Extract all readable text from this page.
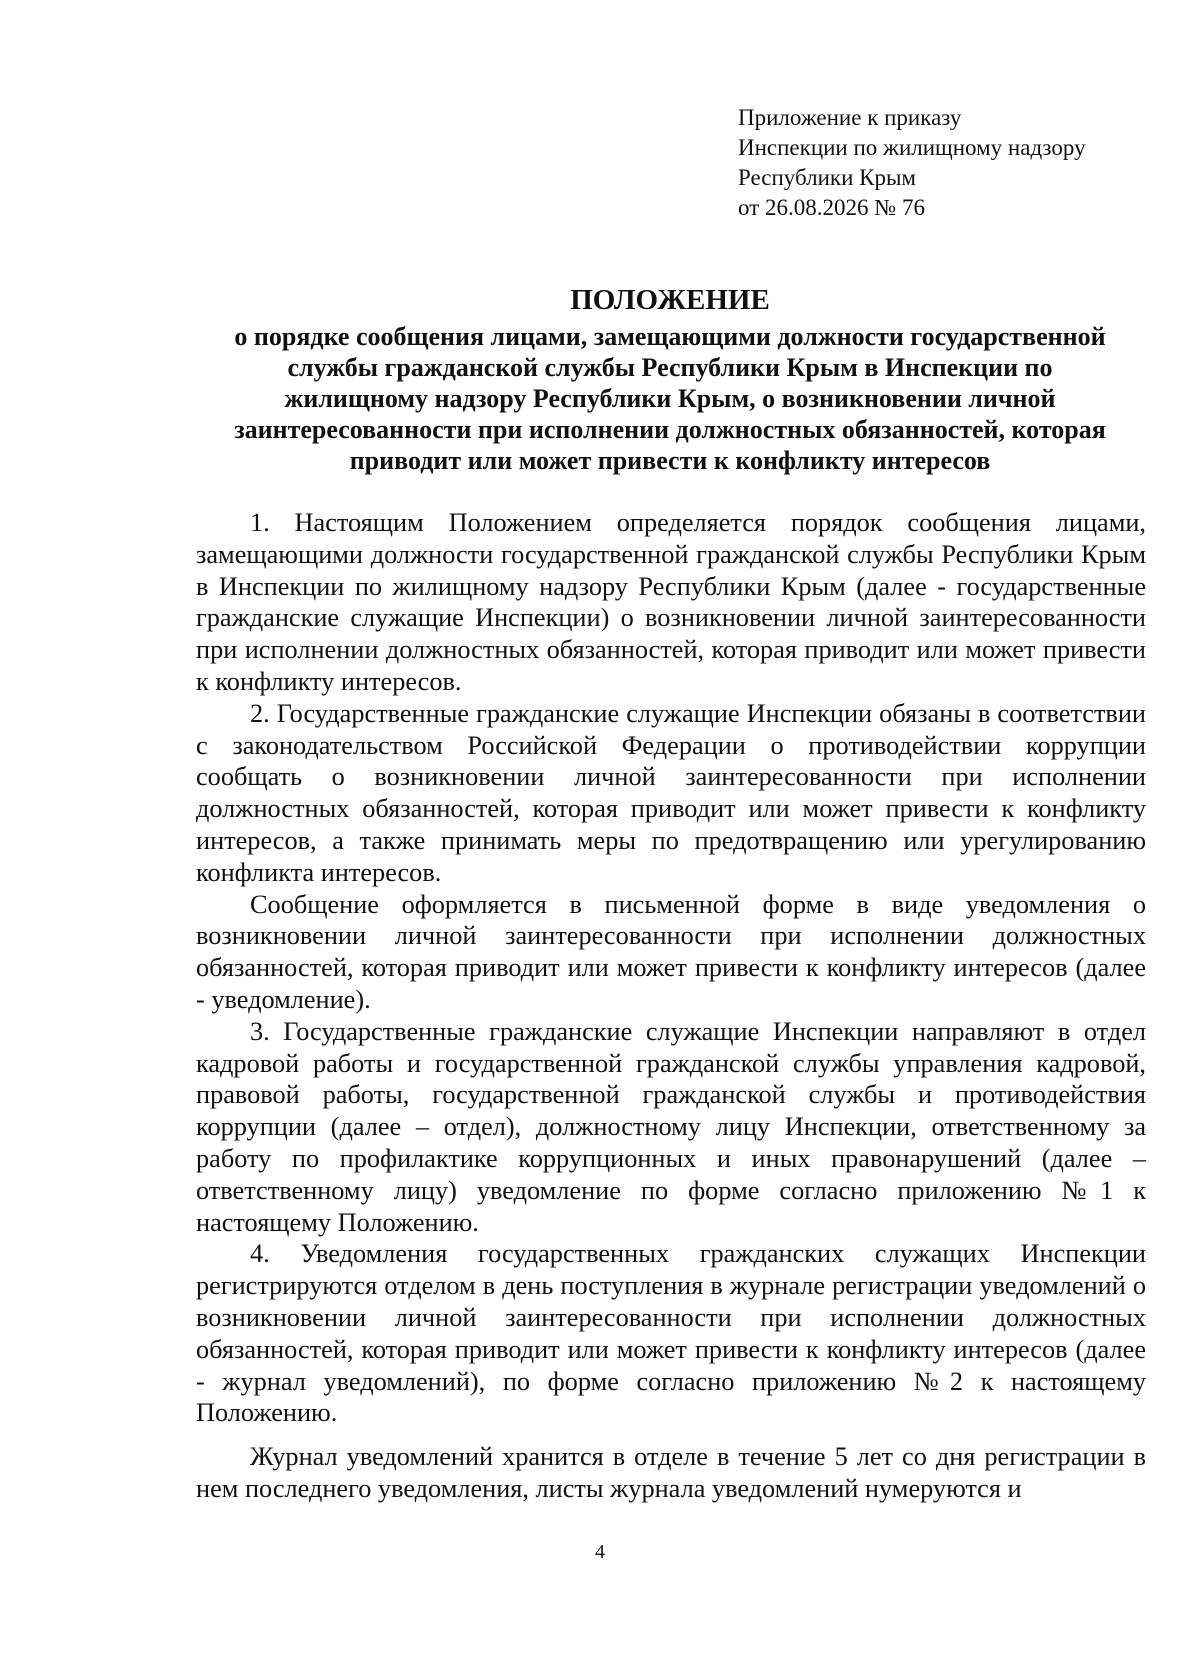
Приложение к приказу
Инспекции по жилищному надзору
Республики Крым
от 26.08.2026 № 76
ПОЛОЖЕНИЕ
о порядке сообщения лицами, замещающими должности государственной
службы гражданской службы Республики Крым в Инспекции по
жилищному надзору Республики Крым, о возникновении личной
заинтересованности при исполнении должностных обязанностей, которая
приводит или может привести к конфликту интересов

1. Настоящим Положением определяется порядок сообщения лицами, замещающими должности государственной гражданской службы Республики Крым в Инспекции по жилищному надзору Республики Крым (далее - государственные гражданские служащие Инспекции) о возникновении личной заинтересованности при исполнении должностных обязанностей, которая приводит или может привести к конфликту интересов.

2. Государственные гражданские служащие Инспекции обязаны в соответствии с законодательством Российской Федерации о противодействии коррупции сообщать о возникновении личной заинтересованности при исполнении должностных обязанностей, которая приводит или может привести к конфликту интересов, а также принимать меры по предотвращению или урегулированию конфликта интересов.

Сообщение оформляется в письменной форме в виде уведомления о возникновении личной заинтересованности при исполнении должностных обязанностей, которая приводит или может привести к конфликту интересов (далее - уведомление).

3. Государственные гражданские служащие Инспекции направляют в отдел кадровой работы и государственной гражданской службы управления кадровой, правовой работы, государственной гражданской службы и противодействия коррупции (далее – отдел), должностному лицу Инспекции, ответственному за работу по профилактике коррупционных и иных правонарушений (далее – ответственному лицу) уведомление по форме согласно приложению №1 к настоящему Положению.

4. Уведомления государственных гражданских служащих Инспекции регистрируются отделом в день поступления в журнале регистрации уведомлений о возникновении личной заинтересованности при исполнении должностных обязанностей, которая приводит или может привести к конфликту интересов (далее - журнал уведомлений), по форме согласно приложению №2 к настоящему Положению.

Журнал уведомлений хранится в отделе в течение 5 лет со дня регистрации в нем последнего уведомления, листы журнала уведомлений нумеруются и

4
